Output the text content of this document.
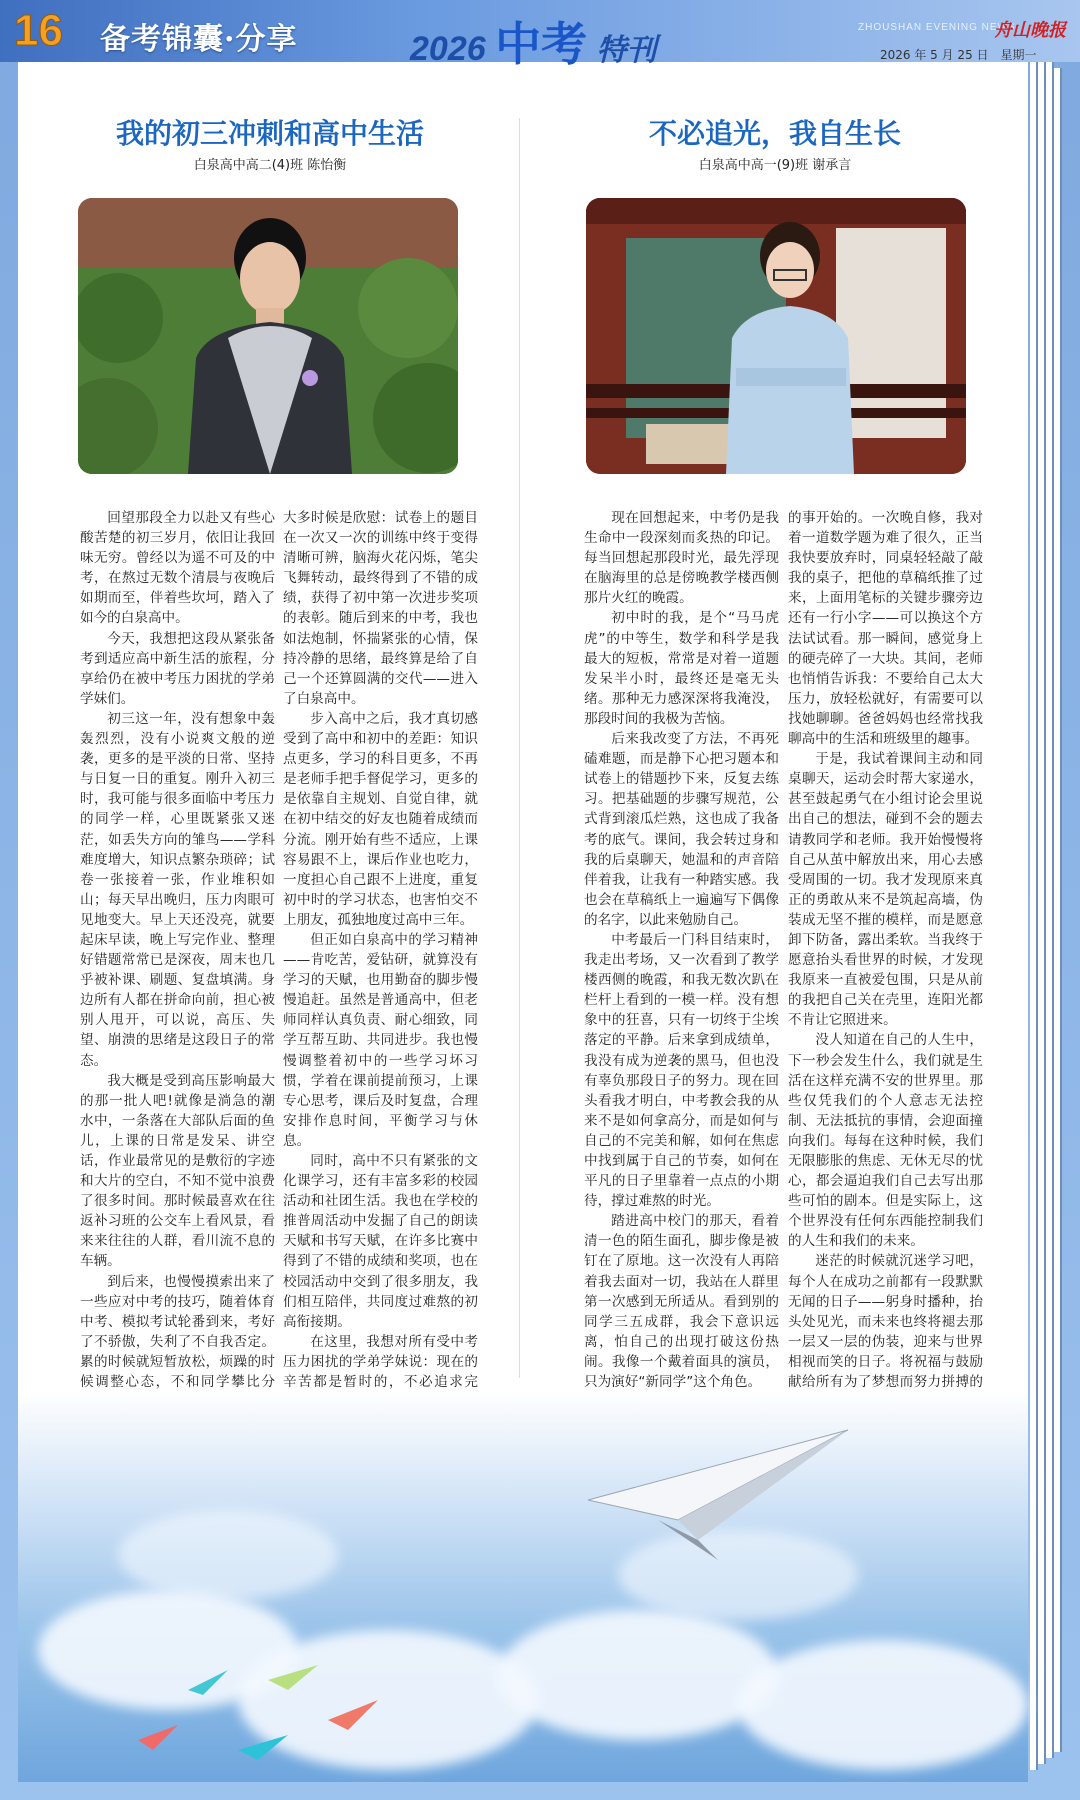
16 备考锦囊·分享	2026 中考 特刊
ZHOUSHAN EVENING NEWS
舟山晚报
2026 年 5 月 25 日　星期一
我的初三冲刺和高中生活
白泉高中高二(4)班 陈怡衡

回望那段全力以赴又有些心酸苦楚的初三岁月，依旧让我回味无穷。曾经以为遥不可及的中考，在熬过无数个清晨与夜晚后如期而至，伴着些坎坷，踏入了如今的白泉高中。

今天，我想把这段从紧张备考到适应高中新生活的旅程，分享给仍在被中考压力困扰的学弟学妹们。

初三这一年，没有想象中轰轰烈烈，没有小说爽文般的逆袭，更多的是平淡的日常、坚持与日复一日的重复。刚升入初三时，我可能与很多面临中考压力的同学一样，心里既紧张又迷茫，如丢失方向的雏鸟——学科难度增大，知识点繁杂琐碎；试卷一张接着一张，作业堆积如山；每天早出晚归，压力肉眼可见地变大。早上天还没亮，就要起床早读，晚上写完作业、整理好错题常常已是深夜，周末也几乎被补课、刷题、复盘填满。身边所有人都在拼命向前，担心被别人甩开，可以说，高压、失望、崩溃的思绪是这段日子的常态。

我大概是受到高压影响最大的那一批人吧!就像是淌急的潮水中，一条落在大部队后面的鱼儿，上课的日常是发呆、讲空话，作业最常见的是敷衍的字迹和大片的空白，不知不觉中浪费了很多时间。那时候最喜欢在往返补习班的公交车上看风景，看来来往往的人群，看川流不息的车辆。

到后来，也慢慢摸索出来了一些应对中考的技巧，随着体育中考、模拟考试轮番到来，考好了不骄傲，失利了不自我否定。累的时候就短暂放松，烦躁的时候调整心态，不和同学攀比分

大多时候是欣慰：试卷上的题目在一次又一次的训练中终于变得清晰可辨，脑海火花闪烁，笔尖飞舞转动，最终得到了不错的成绩，获得了初中第一次进步奖项的表彰。随后到来的中考，我也如法炮制，怀揣紧张的心情，保持冷静的思绪，最终算是给了自己一个还算圆满的交代——进入了白泉高中。

步入高中之后，我才真切感受到了高中和初中的差距：知识点更多，学习的科目更多，不再是老师手把手督促学习，更多的是依靠自主规划、自觉自律，就在初中结交的好友也随着成绩而分流。刚开始有些不适应，上课容易跟不上，课后作业也吃力，一度担心自己跟不上进度，重复初中时的学习状态，也害怕交不上朋友，孤独地度过高中三年。

但正如白泉高中的学习精神——肯吃苦，爱钻研，就算没有学习的天赋，也用勤奋的脚步慢慢追赶。虽然是普通高中，但老师同样认真负责、耐心细致，同学互帮互助、共同进步。我也慢慢调整着初中的一些学习坏习惯，学着在课前提前预习，上课专心思考，课后及时复盘，合理安排作息时间，平衡学习与休息。

同时，高中不只有紧张的文化课学习，还有丰富多彩的校园活动和社团生活。我也在学校的推普周活动中发掘了自己的朗读天赋和书写天赋，在许多比赛中得到了不错的成绩和奖项，也在校园活动中交到了很多朋友，我们相互陪伴，共同度过难熬的初高衔接期。

在这里，我想对所有受中考压力困扰的学弟学妹说：现在的辛苦都是暂时的，不必追求完

不必追光，我自生长
白泉高中高一(9)班 谢承言

现在回想起来，中考仍是我生命中一段深刻而炙热的印记。每当回想起那段时光，最先浮现在脑海里的总是傍晚教学楼西侧那片火红的晚霞。

初中时的我，是个“马马虎虎”的中等生，数学和科学是我最大的短板，常常是对着一道题发呆半小时，最终还是毫无头绪。那种无力感深深将我淹没，那段时间的我极为苦恼。

后来我改变了方法，不再死磕难题，而是静下心把习题本和试卷上的错题抄下来，反复去练习。把基础题的步骤写规范，公式背到滚瓜烂熟，这也成了我备考的底气。课间，我会转过身和我的后桌聊天，她温和的声音陪伴着我，让我有一种踏实感。我也会在草稿纸上一遍遍写下偶像的名字，以此来勉励自己。

中考最后一门科目结束时，我走出考场，又一次看到了教学楼西侧的晚霞，和我无数次趴在栏杆上看到的一模一样。没有想象中的狂喜，只有一切终于尘埃落定的平静。后来拿到成绩单，我没有成为逆袭的黑马，但也没有辜负那段日子的努力。现在回头看我才明白，中考教会我的从来不是如何拿高分，而是如何与自己的不完美和解，如何在焦虑中找到属于自己的节奏，如何在平凡的日子里靠着一点点的小期待，撑过难熬的时光。

踏进高中校门的那天，看着清一色的陌生面孔，脚步像是被钉在了原地。这一次没有人再陪着我去面对一切，我站在人群里第一次感到无所适从。看到别的同学三五成群，我会下意识远离，怕自己的出现打破这份热闹。我像一个戴着面具的演员，只为演好“新同学”这个角色。

的事开始的。一次晚自修，我对着一道数学题为难了很久，正当我快要放弃时，同桌轻轻敲了敲我的桌子，把他的草稿纸推了过来，上面用笔标的关键步骤旁边还有一行小字——可以换这个方法试试看。那一瞬间，感觉身上的硬壳碎了一大块。其间，老师也悄悄告诉我：不要给自己太大压力，放轻松就好，有需要可以找她聊聊。爸爸妈妈也经常找我聊高中的生活和班级里的趣事。

于是，我试着课间主动和同桌聊天，运动会时帮大家递水，甚至鼓起勇气在小组讨论会里说出自己的想法，碰到不会的题去请教同学和老师。我开始慢慢将自己从茧中解放出来，用心去感受周围的一切。我才发现原来真正的勇敢从来不是筑起高墙，伪装成无坚不摧的模样，而是愿意卸下防备，露出柔软。当我终于愿意抬头看世界的时候，才发现我原来一直被爱包围，只是从前的我把自己关在壳里，连阳光都不肯让它照进来。

没人知道在自己的人生中，下一秒会发生什么，我们就是生活在这样充满不安的世界里。那些仅凭我们的个人意志无法控制、无法抵抗的事情，会迎面撞向我们。每每在这种时候，我们无限膨胀的焦虑、无休无尽的忧心，都会逼迫我们自己去写出那些可怕的剧本。但是实际上，这个世界没有任何东西能控制我们的人生和我们的未来。

迷茫的时候就沉迷学习吧，每个人在成功之前都有一段默默无闻的日子——躬身时播种，抬头处见光，而未来也终将褪去那一层又一层的伪装，迎来与世界相视而笑的日子。将祝福与鼓励献给所有为了梦想而努力拼搏的
